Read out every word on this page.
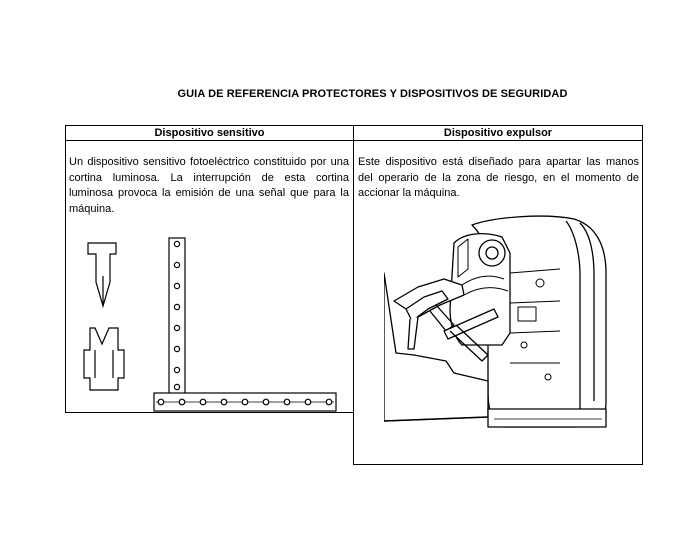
GUIA DE REFERENCIA PROTECTORES Y DISPOSITIVOS DE SEGURIDAD
Dispositivo sensitivo	Dispositivo expulsor
Un dispositivo sensitivo fotoeléctrico constituido por una cortina luminosa. La interrupción de esta cortina luminosa provoca la emisión de una señal que para la máquina.
Este dispositivo está diseñado para apartar las manos del operario de la zona de riesgo, en el momento de accionar la máquina.
